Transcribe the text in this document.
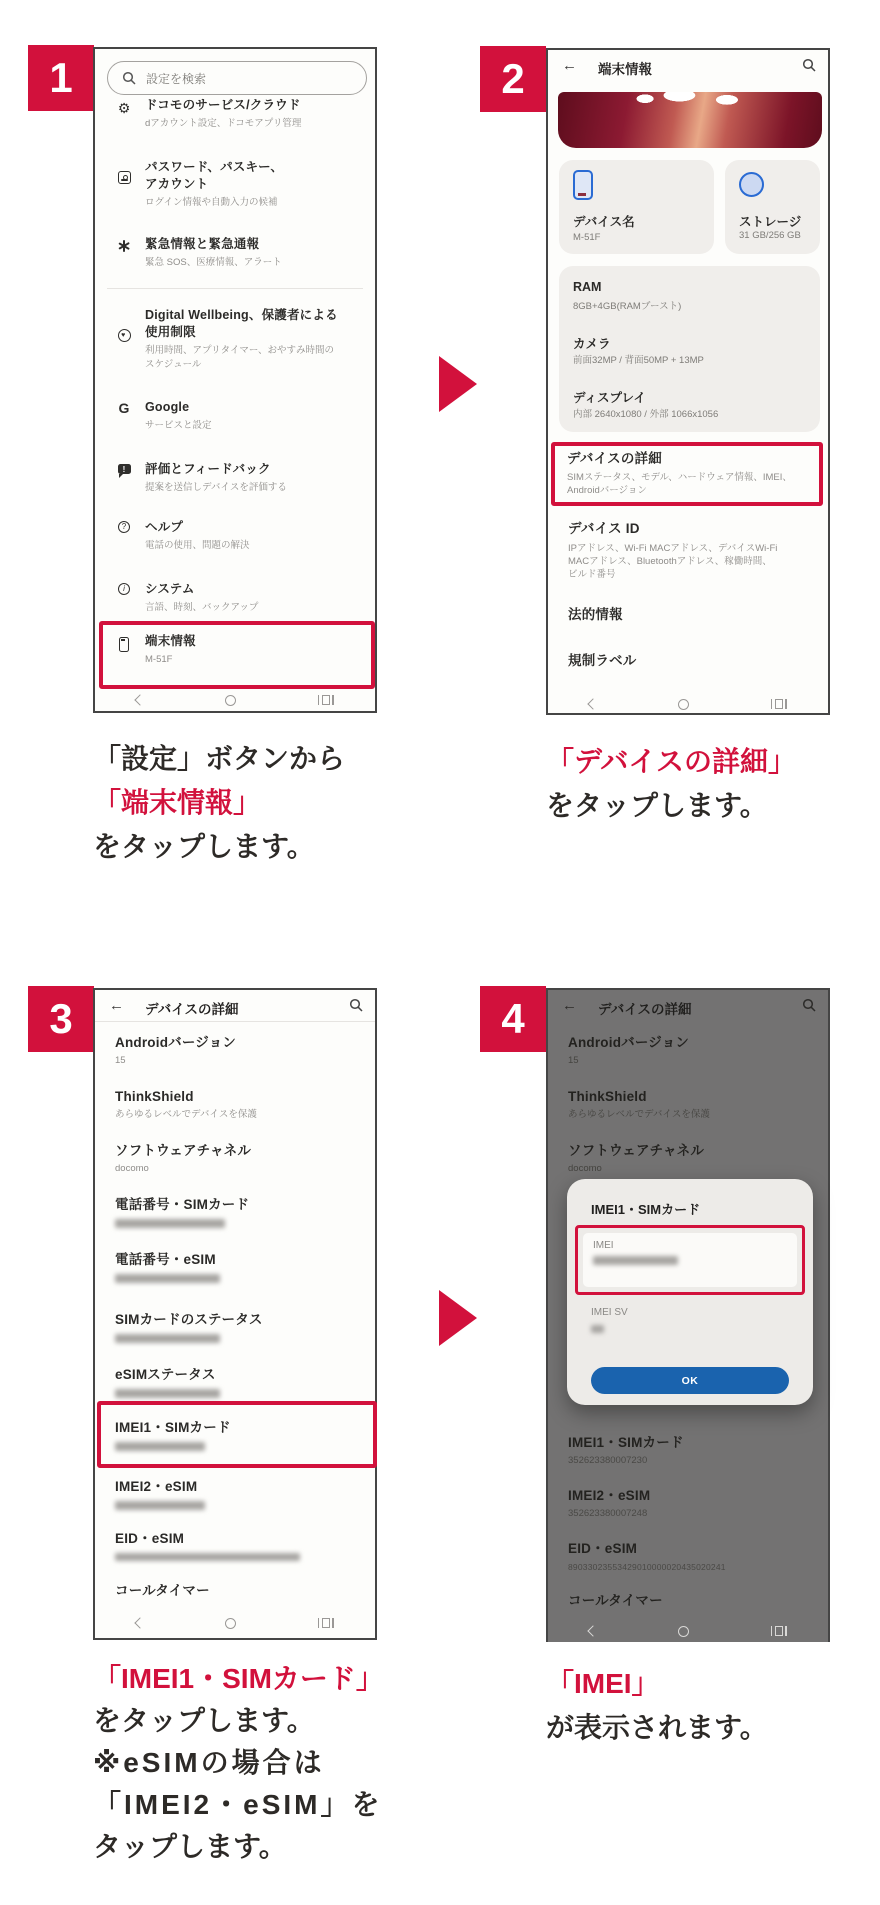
1	設定を検索
⚙ ドコモのサービス/クラウド
dアカウント設定、ドコモアプリ管理
パスワード、パスキー、
アカウント
ログイン情報や自動入力の候補
緊急情報と緊急通報
緊急 SOS、医療情報、アラート
♥
Digital Wellbeing、保護者による
使用制限
利用時間、アプリタイマー、おやすみ時間の
スケジュール
G Google
サービスと設定
!	評価とフィードバック
提案を送信しデバイスを評価する
?	ヘルプ
電話の使用、問題の解決
i	システム
言語、時刻、バックアップ
端末情報
M-51F
「設定」ボタンから
「端末情報」
をタップします。
2	← 端末情報
デバイス名
M-51F
ストレージ
31 GB/256 GB
RAM
8GB+4GB(RAMブースト)
カメラ
前面32MP / 背面50MP + 13MP
ディスプレイ
内部 2640x1080 / 外部 1066x1056
デバイスの詳細
SIMステータス、モデル、ハードウェア情報、IMEI、
Androidバージョン
デバイス ID
IPアドレス、Wi-Fi MACアドレス、デバイスWi-Fi
MACアドレス、Bluetoothアドレス、稼働時間、
ビルド番号
法的情報
規制ラベル
「デバイスの詳細」
をタップします。
3	← デバイスの詳細
Androidバージョン
15
ThinkShield
あらゆるレベルでデバイスを保護
ソフトウェアチャネル
docomo
電話番号・SIMカード
電話番号・eSIM
SIMカードのステータス
eSIMステータス
IMEI1・SIMカード
IMEI2・eSIM
EID・eSIM
コールタイマー
「IMEI1・SIMカード」
をタップします。
※eSIMの場合は
「IMEI2・eSIM」を
タップします。
4	← デバイスの詳細
Androidバージョン
15
ThinkShield
あらゆるレベルでデバイスを保護
ソフトウェアチャネル
docomo
IMEI1・SIMカード
IMEI
IMEI SV
OK
IMEI1・SIMカード
352623380007230
IMEI2・eSIM
352623380007248
EID・eSIM
89033023553429010000020435020241
コールタイマー
「IMEI」
が表示されます。
